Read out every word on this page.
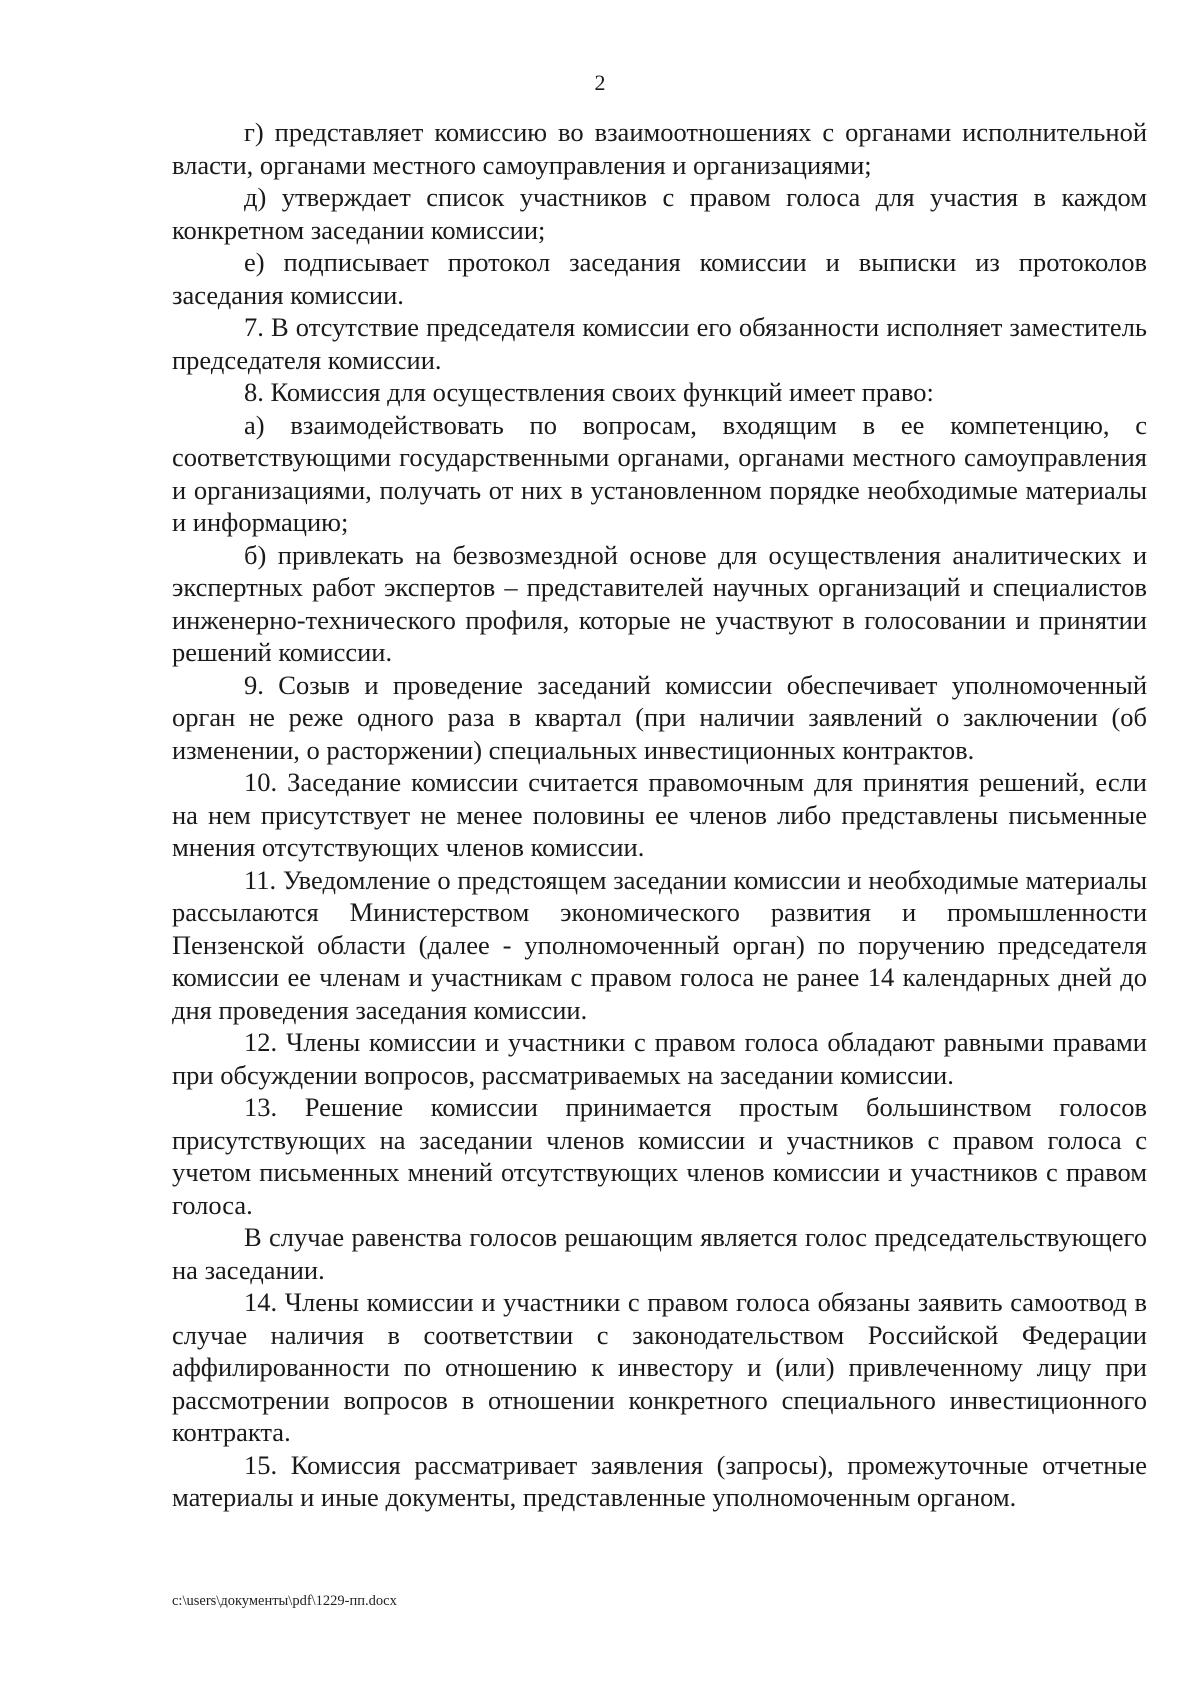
2

г) представляет комиссию во взаимоотношениях с органами исполнительной власти, органами местного самоуправления и организациями;

д) утверждает список участников с правом голоса для участия в каждом конкретном заседании комиссии;

е) подписывает протокол заседания комиссии и выписки из протоколов заседания комиссии.

7. В отсутствие председателя комиссии его обязанности исполняет заместитель председателя комиссии.

8. Комиссия для осуществления своих функций имеет право:

а) взаимодействовать по вопросам, входящим в ее компетенцию, с соответствующими государственными органами, органами местного самоуправления и организациями, получать от них в установленном порядке необходимые материалы и информацию;

б) привлекать на безвозмездной основе для осуществления аналитических и экспертных работ экспертов – представителей научных организаций и специалистов инженерно-технического профиля, которые не участвуют в голосовании и принятии решений комиссии.

9. Созыв и проведение заседаний комиссии обеспечивает уполномоченный орган не реже одного раза в квартал (при наличии заявлений о заключении (об изменении, о расторжении) специальных инвестиционных контрактов.

10. Заседание комиссии считается правомочным для принятия решений, если на нем присутствует не менее половины ее членов либо представлены письменные мнения отсутствующих членов комиссии.

11. Уведомление о предстоящем заседании комиссии и необходимые материалы рассылаются Министерством экономического развития и промышленности Пензенской области (далее - уполномоченный орган) по поручению председателя комиссии ее членам и участникам с правом голоса не ранее 14 календарных дней до дня проведения заседания комиссии.

12. Члены комиссии и участники с правом голоса обладают равными правами при обсуждении вопросов, рассматриваемых на заседании комиссии.

13. Решение комиссии принимается простым большинством голосов присутствующих на заседании членов комиссии и участников с правом голоса с учетом письменных мнений отсутствующих членов комиссии и участников с правом голоса.

В случае равенства голосов решающим является голос председательствующего на заседании.

14. Члены комиссии и участники с правом голоса обязаны заявить самоотвод в случае наличия в соответствии с законодательством Российской Федерации аффилированности по отношению к инвестору и (или) привлеченному лицу при рассмотрении вопросов в отношении конкретного специального инвестиционного контракта.

15. Комиссия рассматривает заявления (запросы), промежуточные отчетные материалы и иные документы, представленные уполномоченным органом.

c:\users\документы\pdf\1229-пп.docx
